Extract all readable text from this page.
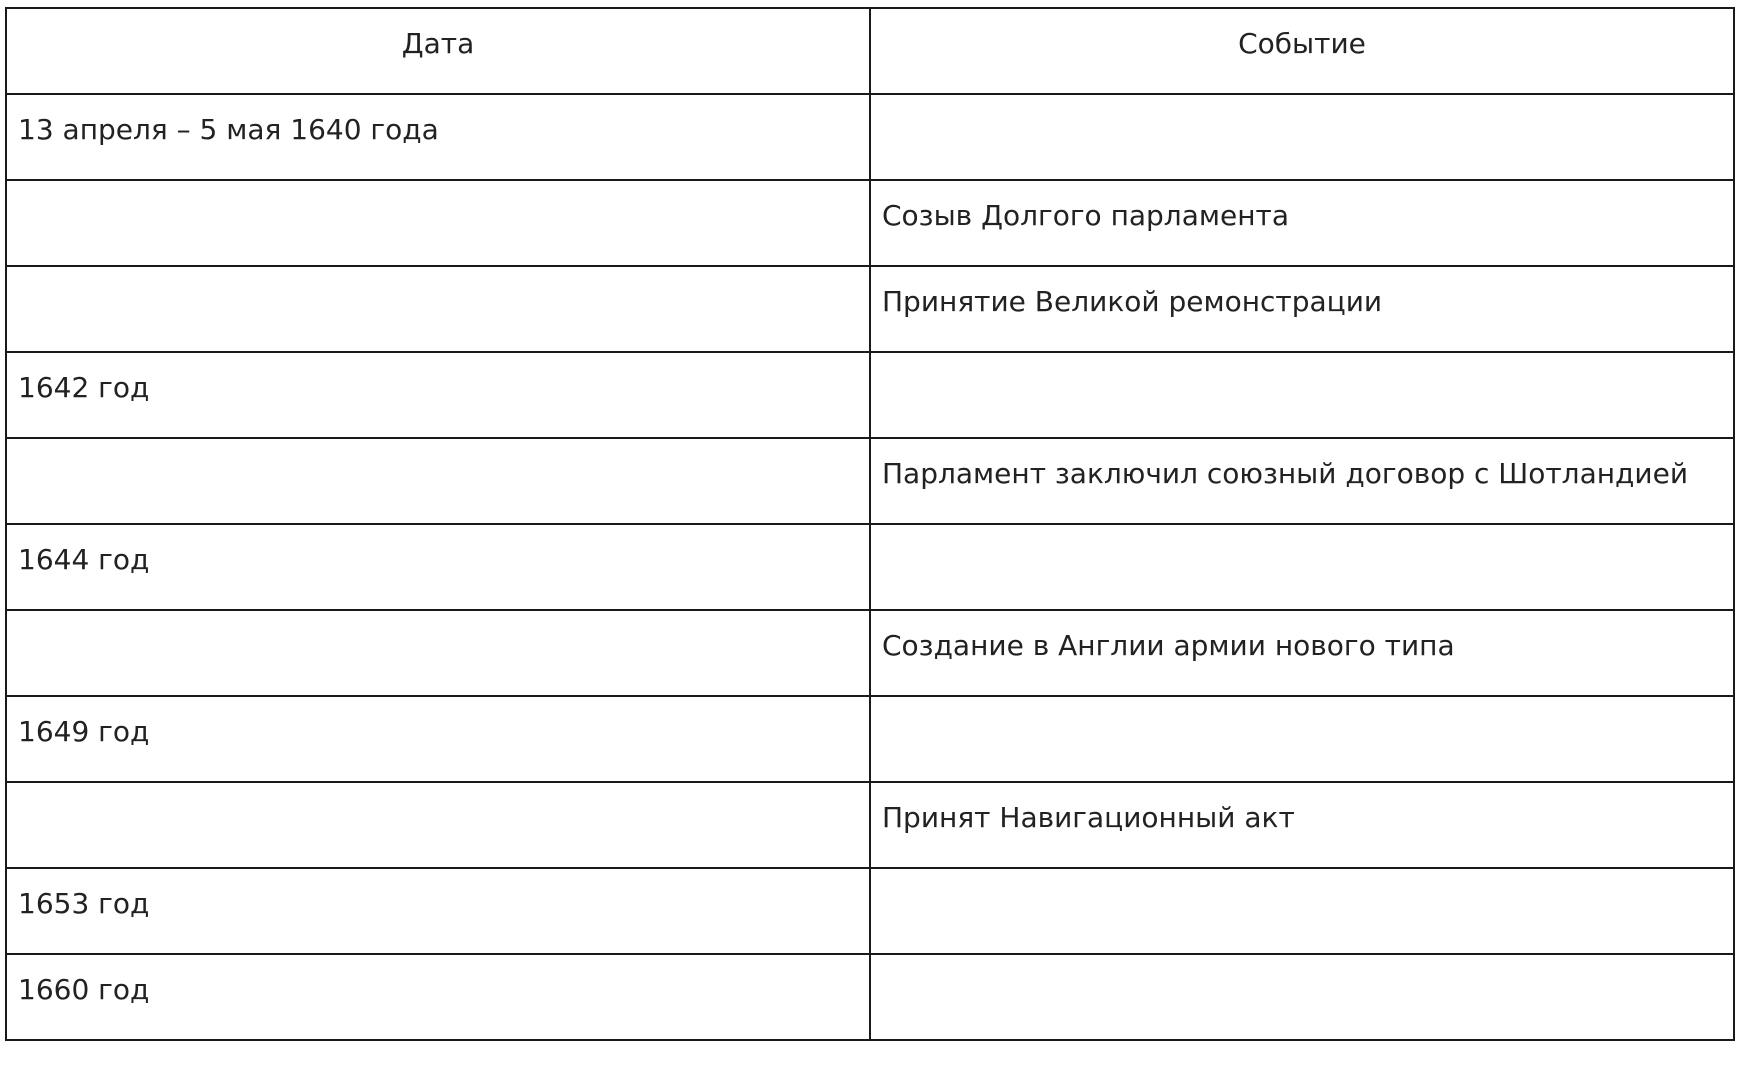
Дата	Событие
13 апреля – 5 мая 1640 года	
	Созыв Долгого парламента
	Принятие Великой ремонстрации
1642 год	
	Парламент заключил союзный договор с Шотландией
1644 год	
	Создание в Англии армии нового типа
1649 год	
	Принят Навигационный акт
1653 год	
1660 год	
